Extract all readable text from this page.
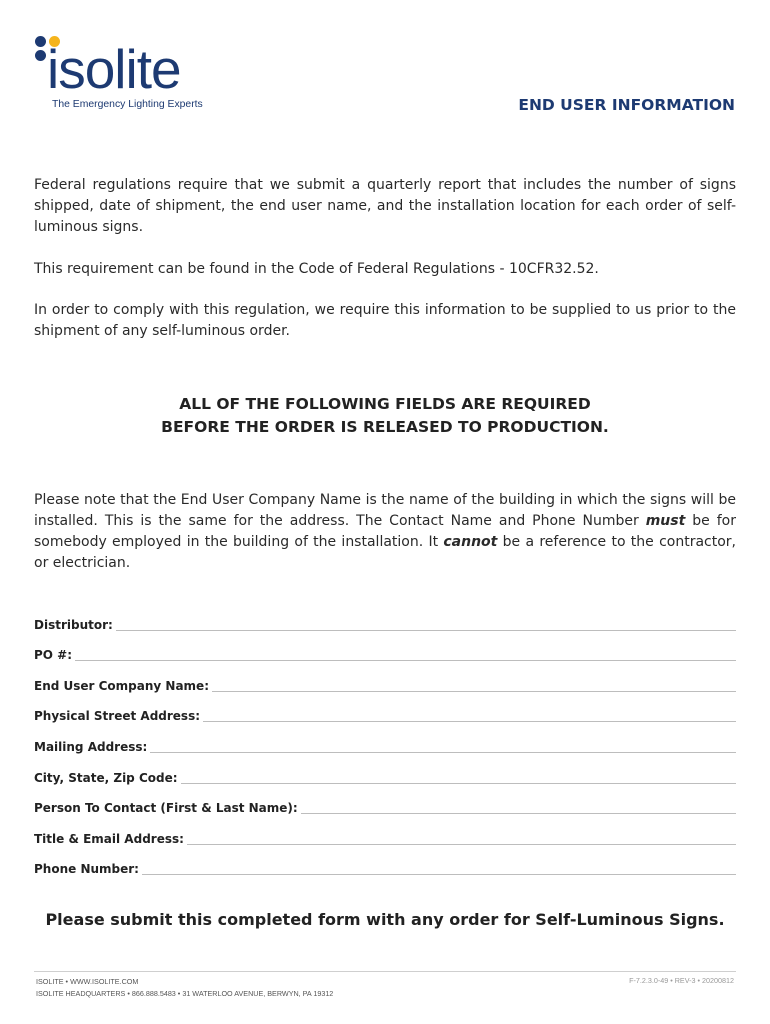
isolite
The Emergency Lighting Experts	END USER INFORMATION

Federal regulations require that we submit a quarterly report that includes the number of signs shipped, date of shipment, the end user name, and the installation location for each order of self-luminous signs.

This requirement can be found in the Code of Federal Regulations - 10CFR32.52.

In order to comply with this regulation, we require this information to be supplied to us prior to the shipment of any self-luminous order.

ALL OF THE FOLLOWING FIELDS ARE REQUIRED
BEFORE THE ORDER IS RELEASED TO PRODUCTION.

Please note that the End User Company Name is the name of the building in which the signs will be installed. This is the same for the address. The Contact Name and Phone Number must be for somebody employed in the building of the installation. It cannot be a reference to the contractor, or electrician.

Distributor:
PO #:
End User Company Name:
Physical Street Address:
Mailing Address:
City, State, Zip Code:
Person To Contact (First & Last Name):
Title & Email Address:
Phone Number:
Please submit this completed form with any order for Self-Luminous Signs.
ISOLITE • WWW.ISOLITE.COM
ISOLITE HEADQUARTERS • 866.888.5483 • 31 WATERLOO AVENUE, BERWYN, PA 19312
F-7.2.3.0-49 • REV-3 • 20200812
